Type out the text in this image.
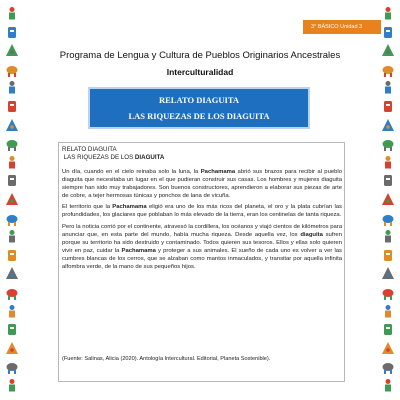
3° BÁSICO Unidad 3
Programa de Lengua y Cultura de Pueblos Originarios Ancestrales
Interculturalidad
RELATO DIAGUITA
LAS RIQUEZAS DE LOS DIAGUITA
RELATO DIAGUITA
LAS RIQUEZAS DE LOS DIAGUITA

Un día, cuando en el cielo reinaba solo la luna, la Pachamama abrió sus brazos para recibir al pueblo diaguita que necesitaba un lugar en el que pudieran construir sus casas. Los hombres y mujeres diaguita siempre han sido muy trabajadores. Son buenos constructores, aprendieron a elaborar sus piezas de arte de cobre, a tejer hermosas túnicas y ponchos de lana de vicuña.

El territorio que la Pachamama eligió era uno de los más ricos del planeta, el oro y la plata cubrían las profundidades, los glaciares que poblaban lo más elevado de la tierra, eran los centinelas de tanta riqueza.

Pero la noticia corrió por el continente, atravesó la cordillera, los océanos y viajó cientos de kilómetros para anunciar que, en esta parte del mundo, había mucha riqueza. Desde aquella vez, los diaguita sufren porque su territorio ha sido destruido y contaminado. Todos quieren sus tesoros. Ellos y ellas solo quieren vivir en paz, cuidar la Pachamama y proteger a sus animales. El sueño de cada uno es volver a ver las cumbres blancas de los cerros, que se alzaban como mantos inmaculados, y transitar por aquella infinita alfombra verde, de la mano de sus pequeños hijos.

(Fuente: Salinas, Alicia (2020). Antología Intercultural. Editorial, Planeta Sostenible).
